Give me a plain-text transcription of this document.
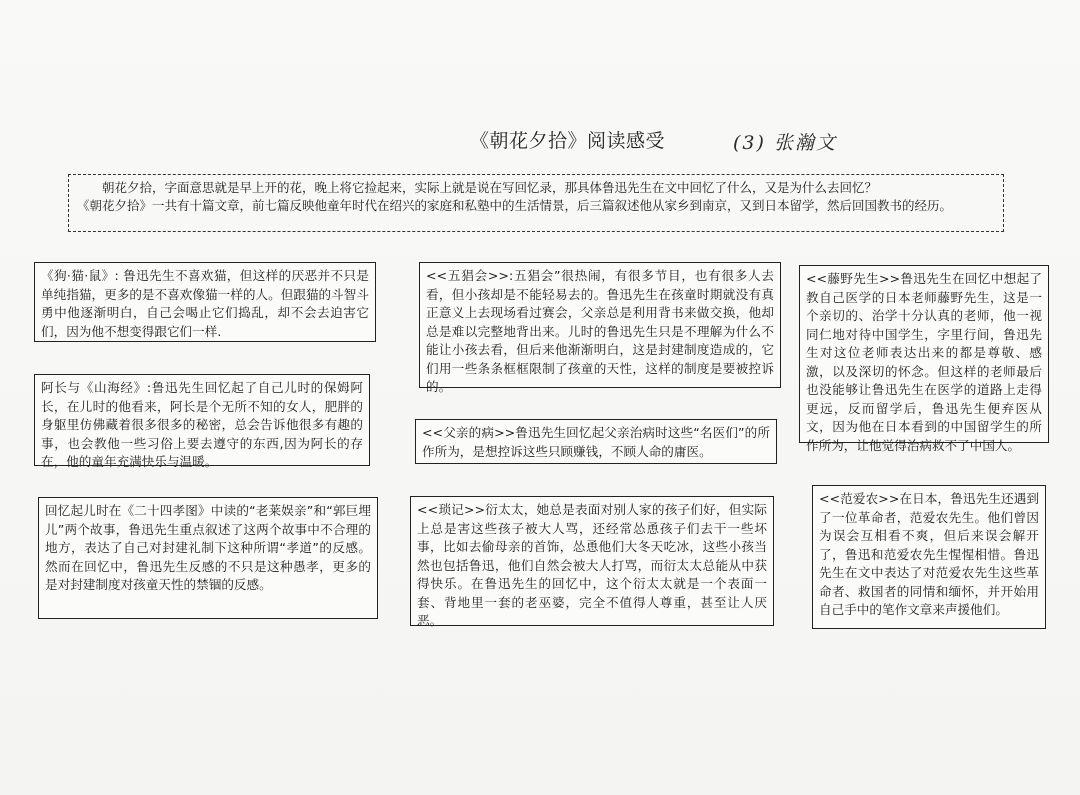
《朝花夕拾》阅读感受	(3) 张瀚文

朝花夕拾，字面意思就是早上开的花，晚上将它捡起来，实际上就是说在写回忆录，那具体鲁迅先生在文中回忆了什么，又是为什么去回忆？

《朝花夕拾》一共有十篇文章，前七篇反映他童年时代在绍兴的家庭和私塾中的生活情景，后三篇叙述他从家乡到南京，又到日本留学，然后回国教书的经历。

《狗·猫·鼠》: 鲁迅先生不喜欢猫，但这样的厌恶并不只是单纯指猫，更多的是不喜欢像猫一样的人。但跟猫的斗智斗勇中他逐渐明白，自己会喝止它们捣乱，却不会去迫害它们，因为他不想变得跟它们一样.
阿长与《山海经》:鲁迅先生回忆起了自己儿时的保姆阿长，在儿时的他看来，阿长是个无所不知的女人，肥胖的身躯里仿佛藏着很多很多的秘密，总会告诉他很多有趣的事，也会教他一些习俗上要去遵守的东西,因为阿长的存在，他的童年充满快乐与温暖。
回忆起儿时在《二十四孝图》中读的“老莱娱亲”和“郭巨埋儿”两个故事，鲁迅先生重点叙述了这两个故事中不合理的地方，表达了自己对封建礼制下这种所谓“孝道”的反感。然而在回忆中，鲁迅先生反感的不只是这种愚孝，更多的是对封建制度对孩童天性的禁锢的反感。
<<五猖会>>:五猖会”很热闹，有很多节目，也有很多人去看，但小孩却是不能轻易去的。鲁迅先生在孩童时期就没有真正意义上去现场看过赛会，父亲总是利用背书来做交换，他却总是难以完整地背出来。儿时的鲁迅先生只是不理解为什么不能让小孩去看，但后来他渐渐明白，这是封建制度造成的，它们用一些条条框框限制了孩童的天性，这样的制度是要被控诉的。
<<父亲的病>>鲁迅先生回忆起父亲治病时这些“名医们”的所作所为，是想控诉这些只顾赚钱，不顾人命的庸医。
<<琐记>>衍太太，她总是表面对别人家的孩子们好，但实际上总是害这些孩子被大人骂，还经常怂恿孩子们去干一些坏事，比如去偷母亲的首饰，怂恿他们大冬天吃冰，这些小孩当然也包括鲁迅，他们自然会被大人打骂，而衍太太总能从中获得快乐。在鲁迅先生的回忆中，这个衍太太就是一个表面一套、背地里一套的老巫婆，完全不值得人尊重，甚至让人厌恶。
<<藤野先生>>鲁迅先生在回忆中想起了教自己医学的日本老师藤野先生，这是一个亲切的、治学十分认真的老师，他一视同仁地对待中国学生，字里行间，鲁迅先生对这位老师表达出来的都是尊敬、感激，以及深切的怀念。但这样的老师最后也没能够让鲁迅先生在医学的道路上走得更远，反而留学后，鲁迅先生便弃医从文，因为他在日本看到的中国留学生的所作所为，让他觉得治病救不了中国人。
<<范爱农>>在日本，鲁迅先生还遇到了一位革命者，范爱农先生。他们曾因为误会互相看不爽，但后来误会解开了，鲁迅和范爱农先生惺惺相惜。鲁迅先生在文中表达了对范爱农先生这些革命者、救国者的同情和缅怀，并开始用自己手中的笔作文章来声援他们。
